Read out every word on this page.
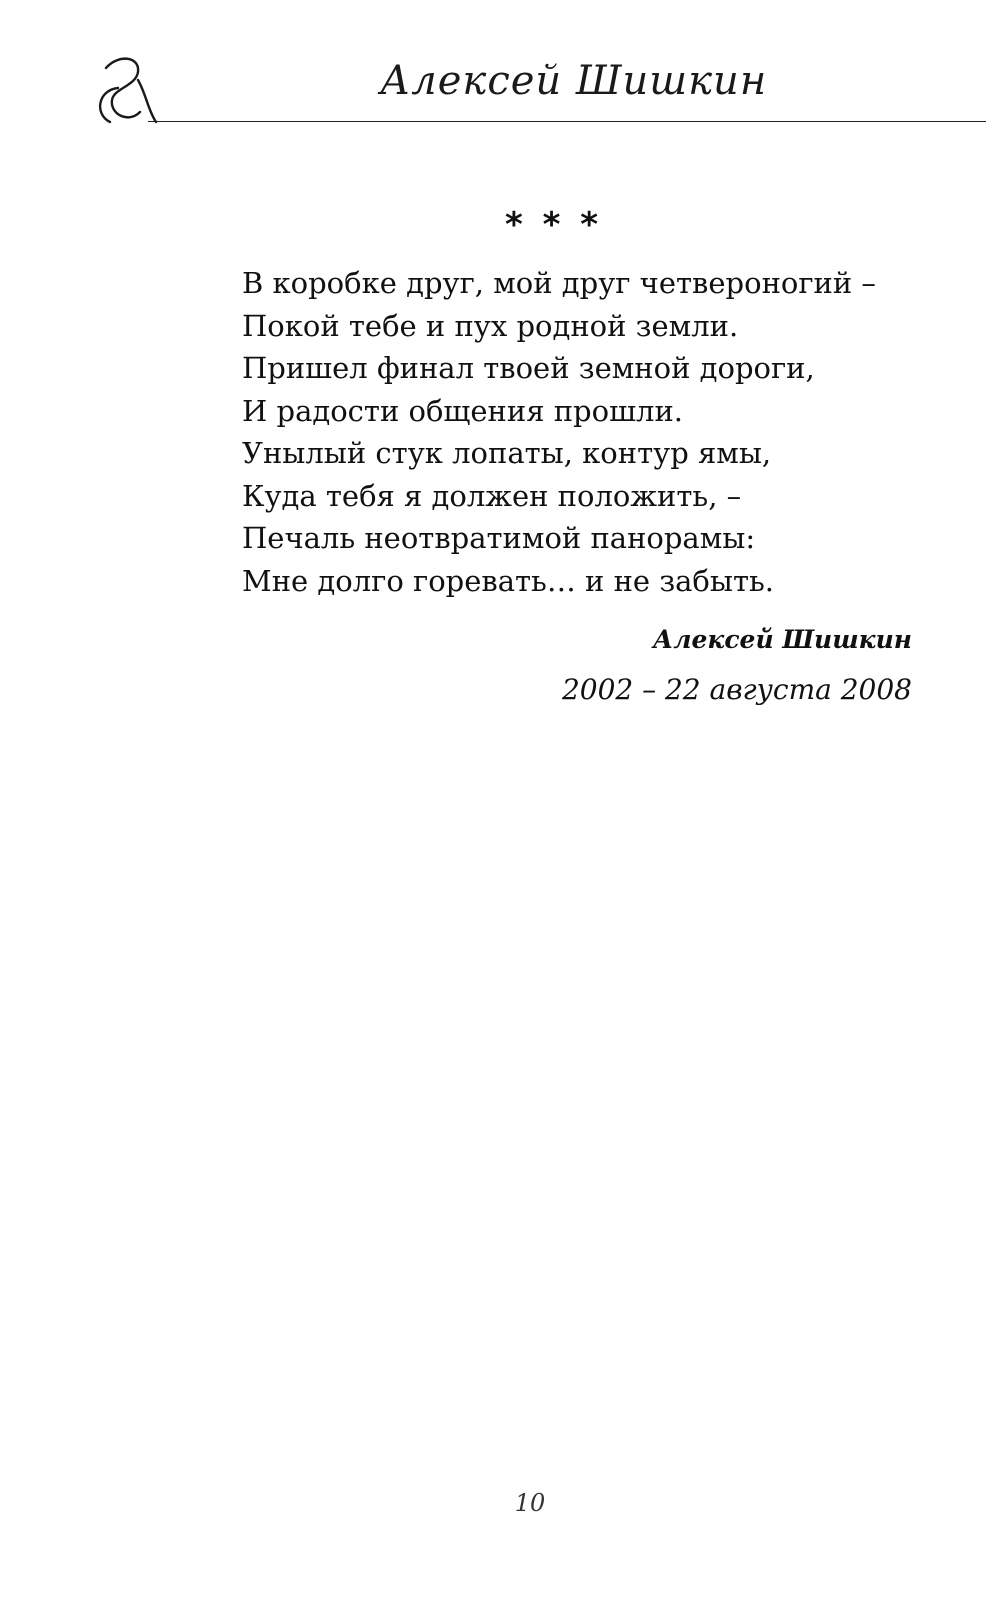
Алексей Шишкин
* * *
В коробке друг, мой друг четвероногий –
Покой тебе и пух родной земли.
Пришел финал твоей земной дороги,
И радости общения прошли.
Унылый стук лопаты, контур ямы,
Куда тебя я должен положить, –
Печаль неотвратимой панорамы:
Мне долго горевать… и не забыть.
Алексей Шишкин
2002 – 22 августа 2008
10
